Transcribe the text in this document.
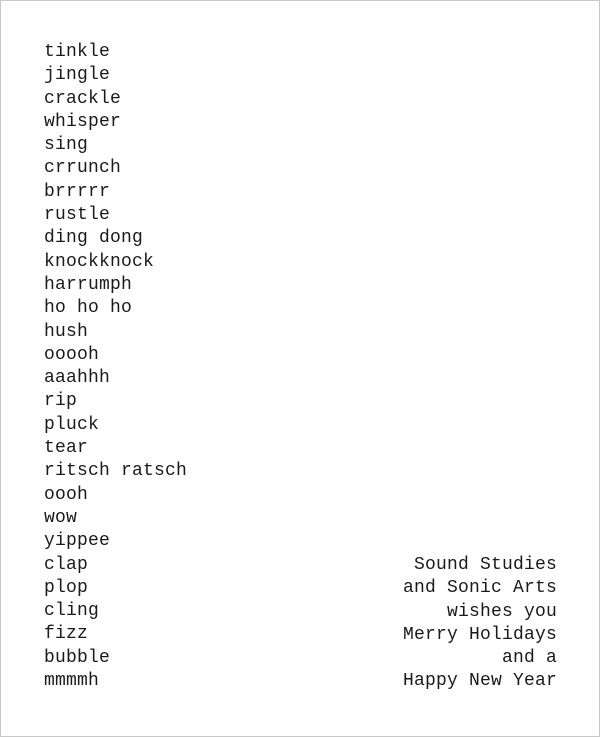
tinkle
jingle
crackle
whisper
sing
crrunch
brrrrr
rustle
ding dong
knockknock
harrumph
ho ho ho
hush
ooooh
aaahhh
rip
pluck
tear
ritsch ratsch
oooh
wow
yippee
clap
plop
cling
fizz
bubble
mmmmh
Sound Studies
and Sonic Arts
wishes you
Merry Holidays
and a
Happy New Year
